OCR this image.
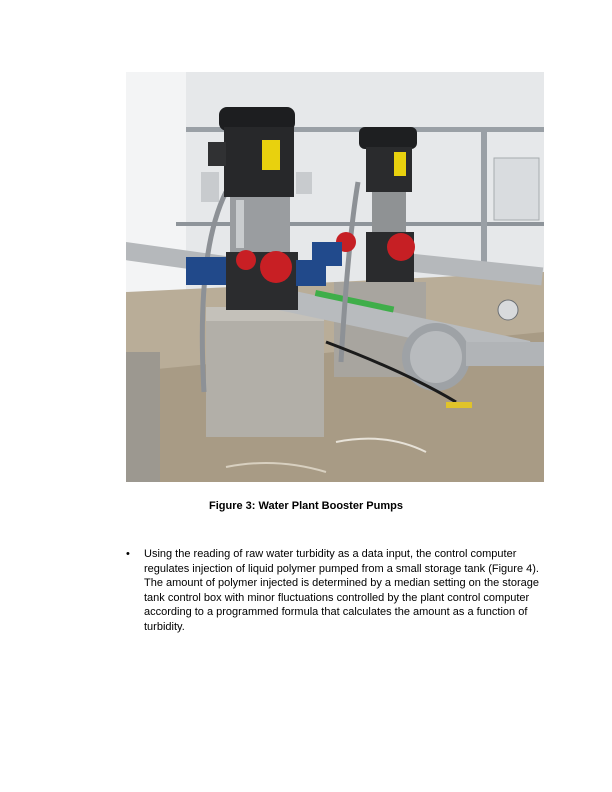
Figure 3: Water Plant Booster Pumps
• Using the reading of raw water turbidity as a data input, the control computer regulates injection of liquid polymer pumped from a small storage tank (Figure 4). The amount of polymer injected is determined by a median setting on the storage tank control box with minor fluctuations controlled by the plant control computer according to a programmed formula that calculates the amount as a function of turbidity.
